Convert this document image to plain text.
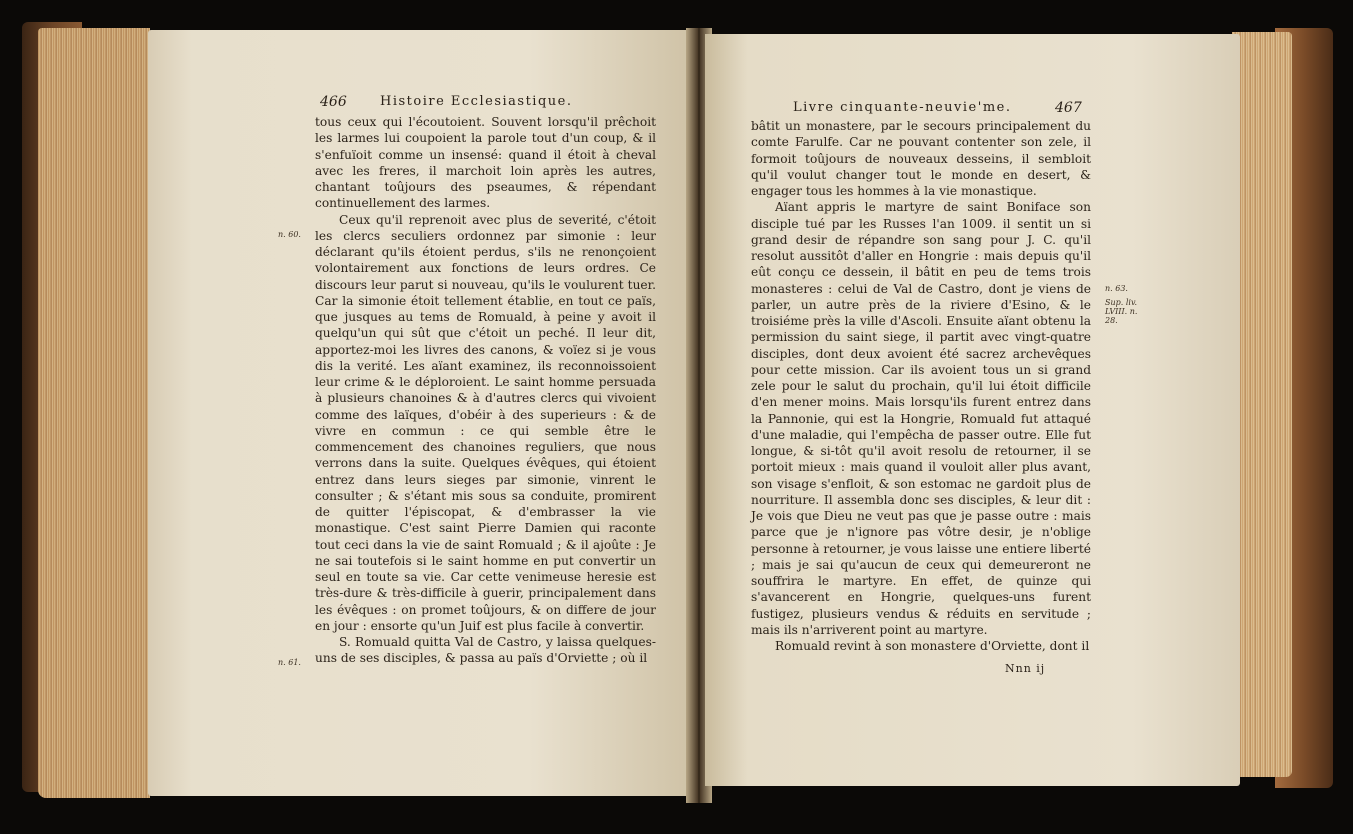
466	Histoire Ecclesiastique.

tous ceux qui l'écoutoient. Souvent lorsqu'il prêchoit les larmes lui coupoient la parole tout d'un coup, & il s'enfuïoit comme un insensé: quand il étoit à cheval avec les freres, il marchoit loin après les autres, chantant toûjours des pseaumes, & répendant continuellement des larmes.

Ceux qu'il reprenoit avec plus de severité, c'étoit les clercs seculiers ordonnez par simonie : leur déclarant qu'ils étoient perdus, s'ils ne renonçoient volontairement aux fonctions de leurs ordres. Ce discours leur parut si nouveau, qu'ils le voulurent tuer. Car la simonie étoit tellement établie, en tout ce païs, que jusques au tems de Romuald, à peine y avoit il quelqu'un qui sût que c'étoit un peché. Il leur dit, apportez-moi les livres des canons, & voïez si je vous dis la verité. Les aïant examinez, ils reconnoissoient leur crime & le déploroient. Le saint homme persuada à plusieurs chanoines & à d'autres clercs qui vivoient comme des laïques, d'obéir à des superieurs : & de vivre en commun : ce qui semble être le commencement des chanoines reguliers, que nous verrons dans la suite. Quelques évêques, qui étoient entrez dans leurs sieges par simonie, vinrent le consulter ; & s'étant mis sous sa conduite, promirent de quitter l'épiscopat, & d'embrasser la vie monastique. C'est saint Pierre Damien qui raconte tout ceci dans la vie de saint Romuald ; & il ajoûte : Je ne sai toutefois si le saint homme en put convertir un seul en toute sa vie. Car cette venimeuse heresie est très-dure & très-difficile à guerir, principalement dans les évêques : on promet toûjours, & on differe de jour en jour : ensorte qu'un Juif est plus facile à convertir.

S. Romuald quitta Val de Castro, y laissa quelques-uns de ses disciples, & passa au païs d'Orviette ; où il

n. 60.
n. 61.
Livre cinquante-neuvie'me.	467

bâtit un monastere, par le secours principalement du comte Farulfe. Car ne pouvant contenter son zele, il formoit toûjours de nouveaux desseins, il sembloit qu'il voulut changer tout le monde en desert, & engager tous les hommes à la vie monastique.

Aïant appris le martyre de saint Boniface son disciple tué par les Russes l'an 1009. il sentit un si grand desir de répandre son sang pour J. C. qu'il resolut aussitôt d'aller en Hongrie : mais depuis qu'il eût conçu ce dessein, il bâtit en peu de tems trois monasteres : celui de Val de Castro, dont je viens de parler, un autre près de la riviere d'Esino, & le troisiéme près la ville d'Ascoli. Ensuite aïant obtenu la permission du saint siege, il partit avec vingt-quatre disciples, dont deux avoient été sacrez archevêques pour cette mission. Car ils avoient tous un si grand zele pour le salut du prochain, qu'il lui étoit difficile d'en mener moins. Mais lorsqu'ils furent entrez dans la Pannonie, qui est la Hongrie, Romuald fut attaqué d'une maladie, qui l'empêcha de passer outre. Elle fut longue, & si-tôt qu'il avoit resolu de retourner, il se portoit mieux : mais quand il vouloit aller plus avant, son visage s'enfloit, & son estomac ne gardoit plus de nourriture. Il assembla donc ses disciples, & leur dit : Je vois que Dieu ne veut pas que je passe outre : mais parce que je n'ignore pas vôtre desir, je n'oblige personne à retourner, je vous laisse une entiere liberté ; mais je sai qu'aucun de ceux qui demeureront ne souffrira le martyre. En effet, de quinze qui s'avancerent en Hongrie, quelques-uns furent fustigez, plusieurs vendus & réduits en servitude ; mais ils n'arriverent point au martyre.

Romuald revint à son monastere d'Orviette, dont il

n. 63.
Sup. liv. LVIII. n. 28.
Nnn ij
